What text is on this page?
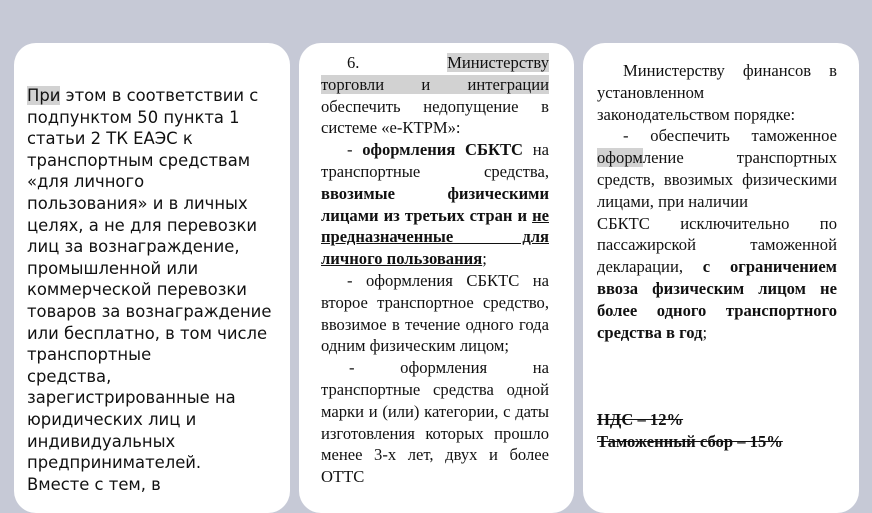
При этом в соответствии с
подпунктом 50 пункта 1
статьи 2 ТК ЕАЭС к
транспортным средствам
«для личного
пользования» и в личных
целях, а не для перевозки
лиц за вознаграждение,
промышленной или
коммерческой перевозки
товаров за вознаграждение
или бесплатно, в том числе
транспортные
средства,
зарегистрированные на
юридических лиц и
индивидуальных
предпринимателей.
Вместе с тем, в

6.	Министерству

торговли и интеграции

обеспечить недопущение в системе «е-КТРМ»:

- оформления СБКТС на транспортные средства, ввозимые физическими лицами из третьих стран и не предназначенные для личного пользования;

- оформления СБКТС на второе транспортное средство, ввозимое в течение одного года одним физическим лицом;

- оформления на транспортные средства одной марки и (или) категории, с даты изготовления которых прошло менее 3-х лет, двух и более ОТТС

Министерству финансов в установленном законодательством порядке:

- обеспечить таможенное оформление транспортных средств, ввозимых физическими лицами, при наличии

СБКТС исключительно по пассажирской таможенной декларации, с ограничением ввоза физическим лицом не более одного транспортного средства в год;

НДС – 12%

Таможенный сбор – 15%
